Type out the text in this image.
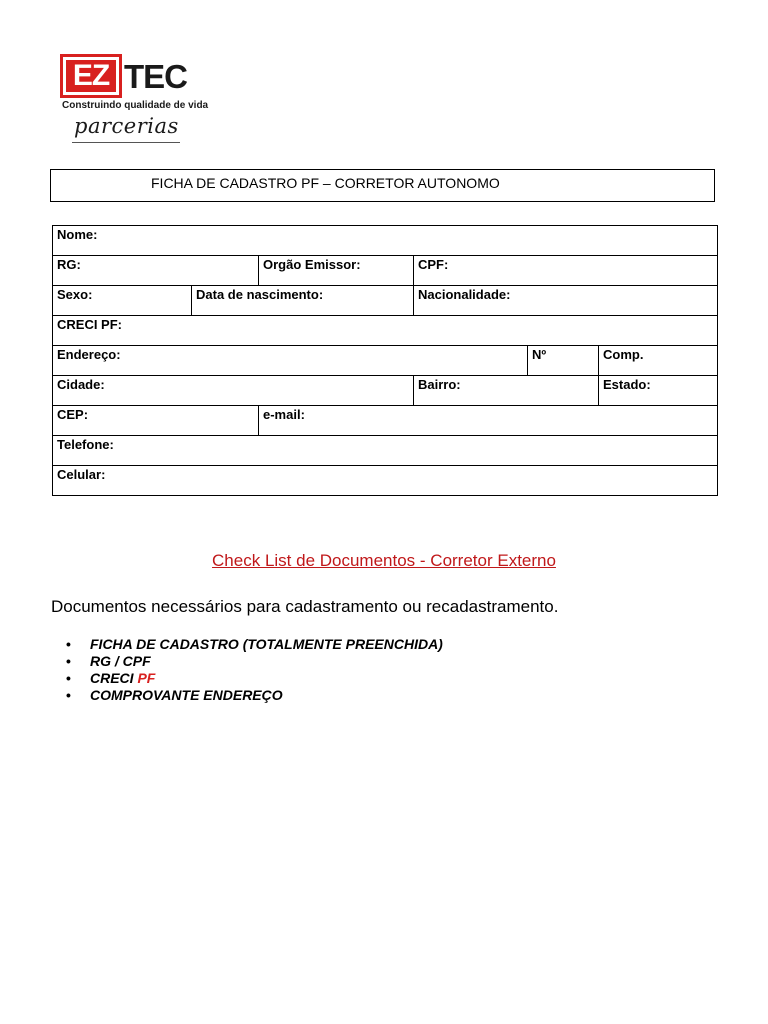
EZ TEC
Construindo qualidade de vida
parcerias
FICHA DE CADASTRO PF – CORRETOR AUTONOMO
Nome:					
RG:		Orgão Emissor:	CPF:		
Sexo:	Data de nascimento:		Nacionalidade:		
CRECI PF:					
Endereço:				Nº	Comp.
Cidade:			Bairro:		Estado:
CEP:		e-mail:			
Telefone:					
Celular:					
Check List de Documentos - Corretor Externo
Documentos necessários para cadastramento ou recadastramento.
• FICHA DE CADASTRO (TOTALMENTE PREENCHIDA)
• RG / CPF
• CRECI PF
• COMPROVANTE ENDEREÇO
